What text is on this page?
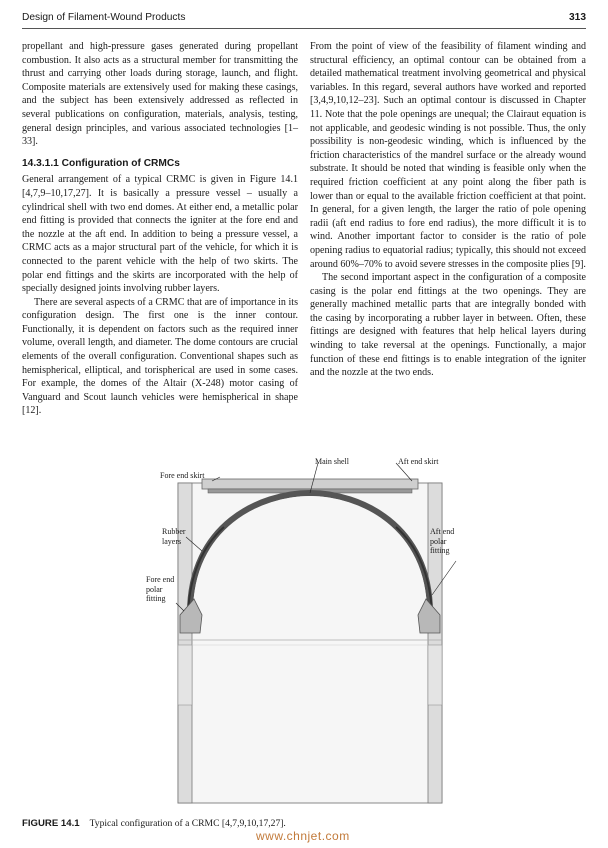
Design of Filament-Wound Products	313

propellant and high-pressure gases generated during propellant combustion. It also acts as a structural member for transmitting the thrust and carrying other loads during storage, launch, and flight. Composite materials are extensively used for making these casings, and the subject has been extensively addressed as reflected in several publications on configuration, materials, analysis, testing, general design principles, and various associated technologies [1–33].

14.3.1.1 Configuration of CRMCs

General arrangement of a typical CRMC is given in Figure 14.1 [4,7,9–10,17,27]. It is basically a pressure vessel – usually a cylindrical shell with two end domes. At either end, a metallic polar end fitting is provided that connects the igniter at the fore end and the nozzle at the aft end. In addition to being a pressure vessel, a CRMC acts as a major structural part of the vehicle, for which it is connected to the parent vehicle with the help of two skirts. The polar end fittings and the skirts are incorporated with the help of specially designed joints involving rubber layers.

There are several aspects of a CRMC that are of importance in its configuration design. The first one is the inner contour. Functionally, it is dependent on factors such as the required inner volume, overall length, and diameter. The dome contours are crucial elements of the overall configuration. Conventional shapes such as hemispherical, elliptical, and torispherical are used in some cases. For example, the domes of the Altair (X-248) motor casing of Vanguard and Scout launch vehicles were hemispherical in shape [12].

From the point of view of the feasibility of filament winding and structural efficiency, an optimal contour can be obtained from a detailed mathematical treatment involving geometrical and physical variables. In this regard, several authors have worked and reported [3,4,9,10,12–23]. Such an optimal contour is discussed in Chapter 11. Note that the pole openings are unequal; the Clairaut equation is not applicable, and geodesic winding is not possible. Thus, the only possibility is non-geodesic winding, which is influenced by the friction characteristics of the mandrel surface or the already wound substrate. It should be noted that winding is feasible only when the required friction coefficient at any point along the fiber path is lower than or equal to the available friction coefficient at that point. In general, for a given length, the larger the ratio of pole opening radii (aft end radius to fore end radius), the more difficult it is to wind. Another important factor to consider is the ratio of pole opening radius to equatorial radius; typically, this should not exceed around 60%–70% to avoid severe stresses in the composite plies [9].

The second important aspect in the configuration of a composite casing is the polar end fittings at the two openings. They are generally machined metallic parts that are integrally bonded with the casing by incorporating a rubber layer in between. Often, these fittings are designed with features that help helical layers during winding to take reversal at the openings. Functionally, a major function of these end fittings is to enable integration of the igniter and the nozzle at the two ends.

Main shell	Aft end skirt
Fore end skirt
Rubber
layers
Aft end
polar
fitting
Fore end
polar
fitting
FIGURE 14.1 Typical configuration of a CRMC [4,7,9,10,17,27].
www.chnjet.com
